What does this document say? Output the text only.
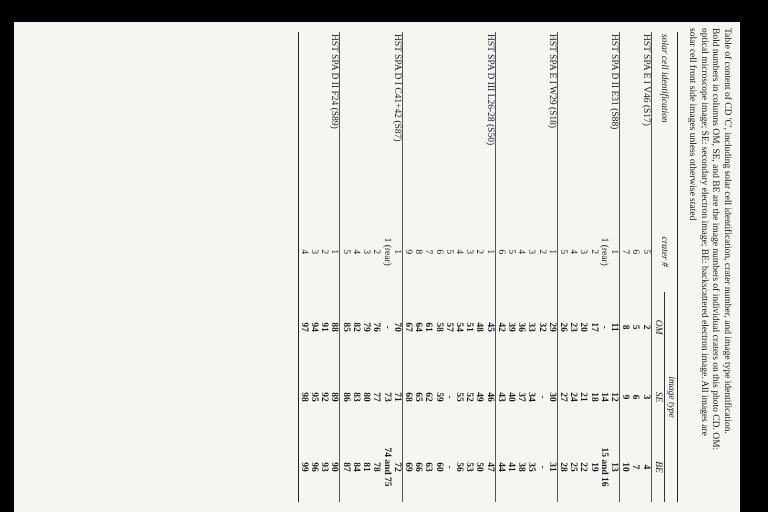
Table of content of CD 'C', including solar cell identification, crater number, and image type identification.
Bold numbers in columns OM, SE, and BE are the image numbers of individual craters on this photo CD. OM:
optical microscope image; SE: secondary electron image; BE: backscattered electron image. All images are
solar cell front side images unless otherwise stated
solar cell identification	crater #	image type		
		OM	SE	BE
HST SPA E I V46 (S17)	5	2	3	4
	6	5	6	7
	7	8	9	10
HST SPA D II E31 (S88)	1	11	12	13
	1 (rear)	-	14	15 and 16
	2	17	18	19
	3	20	21	22
	4	23	24	25
	5	26	27	28
HST SPA E I W29 (S18)	1	29	30	31
	2	32	-	-
	3	33	34	35
	4	36	37	38
	5	39	40	41
	6	42	43	44
HST SPA D III L26-28 (S50)	1	45	46	47
	2	48	49	50
	3	51	52	53
	4	54	55	56
	5	57	-	-
	6	58	59	60
	7	61	62	63
	8	64	65	66
	9	67	68	69
HST SPA D I C41+42 (S87)	1	70	71	72
	1 (rear)	-	73	74 and 75
	2	76	77	78
	3	79	80	81
	4	82	83	84
	5	85	86	87
HST SPA D II F24 (S89)	1	88	89	90
	2	91	92	93
	3	94	95	96
	4	97	98	99
